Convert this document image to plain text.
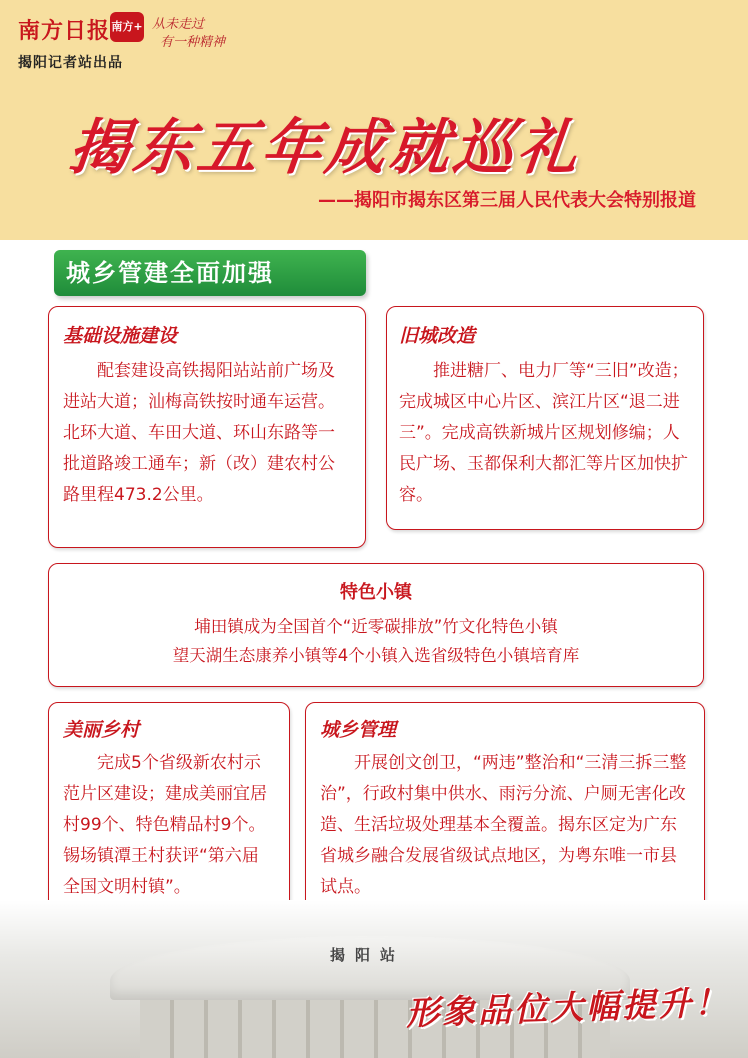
南方日报 南方+ 从未走过
有一种精神
揭阳记者站出品
揭东五年成就巡礼
——揭阳市揭东区第三届人民代表大会特别报道
城乡管建全面加强
基础设施建设
配套建设高铁揭阳站站前广场及进站大道；汕梅高铁按时通车运营。北环大道、车田大道、环山东路等一批道路竣工通车；新（改）建农村公路里程473.2公里。
旧城改造
推进糖厂、电力厂等“三旧”改造；完成城区中心片区、滨江片区“退二进三”。完成高铁新城片区规划修编；人民广场、玉都保利大都汇等片区加快扩容。
特色小镇
埔田镇成为全国首个“近零碳排放”竹文化特色小镇
望天湖生态康养小镇等4个小镇入选省级特色小镇培育库
美丽乡村
完成5个省级新农村示范片区建设；建成美丽宜居村99个、特色精品村9个。锡场镇潭王村获评“第六届全国文明村镇”。
城乡管理
开展创文创卫，“两违”整治和“三清三拆三整治”，行政村集中供水、雨污分流、户厕无害化改造、生活垃圾处理基本全覆盖。揭东区定为广东省城乡融合发展省级试点地区，为粤东唯一市县试点。
揭阳站
形象品位大幅提升！
